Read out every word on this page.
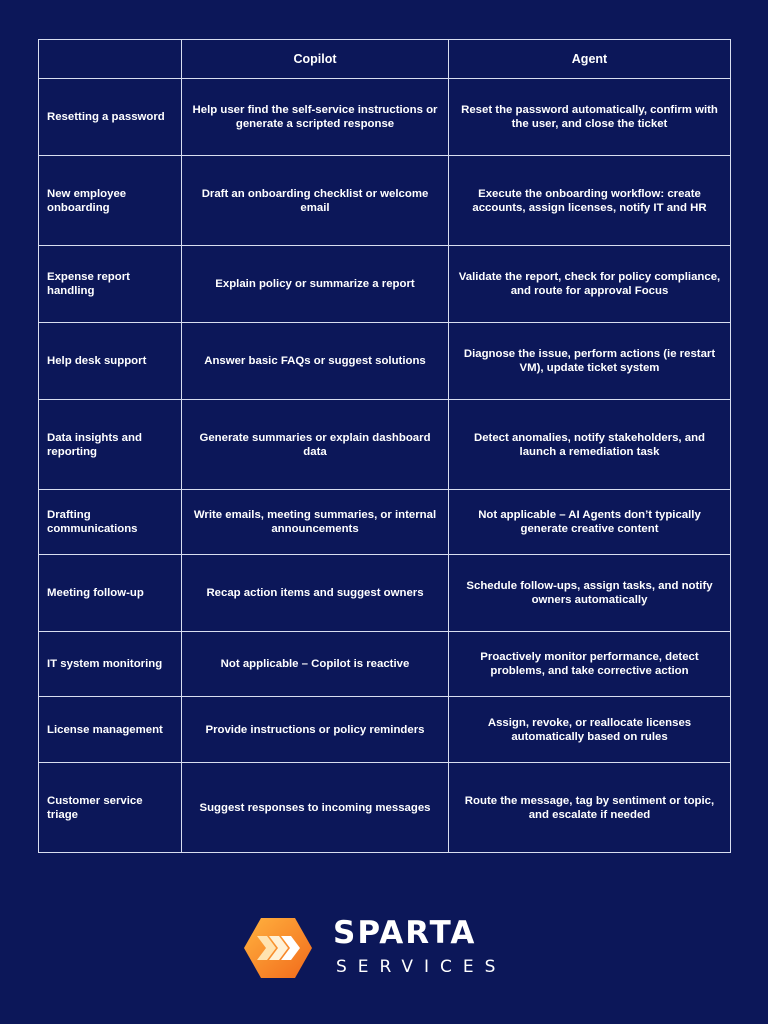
	Copilot	Agent
Resetting a password	Help user find the self-service instructions or generate a scripted response	Reset the password automatically, confirm with the user, and close the ticket
New employee onboarding	Draft an onboarding checklist or welcome email	Execute the onboarding workflow: create accounts, assign licenses, notify IT and HR
Expense report handling	Explain policy or summarize a report	Validate the report, check for policy compliance, and route for approval Focus
Help desk support	Answer basic FAQs or suggest solutions	Diagnose the issue, perform actions (ie restart VM), update ticket system
Data insights and reporting	Generate summaries or explain dashboard data	Detect anomalies, notify stakeholders, and launch a remediation task
Drafting communications	Write emails, meeting summaries, or internal announcements	Not applicable – AI Agents don’t typically generate creative content
Meeting follow-up	Recap action items and suggest owners	Schedule follow-ups, assign tasks, and notify owners automatically
IT system monitoring	Not applicable – Copilot is reactive	Proactively monitor performance, detect problems, and take corrective action
License management	Provide instructions or policy reminders	Assign, revoke, or reallocate licenses automatically based on rules
Customer service triage	Suggest responses to incoming messages	Route the message, tag by sentiment or topic, and escalate if needed
SPARTA
SERVICES
